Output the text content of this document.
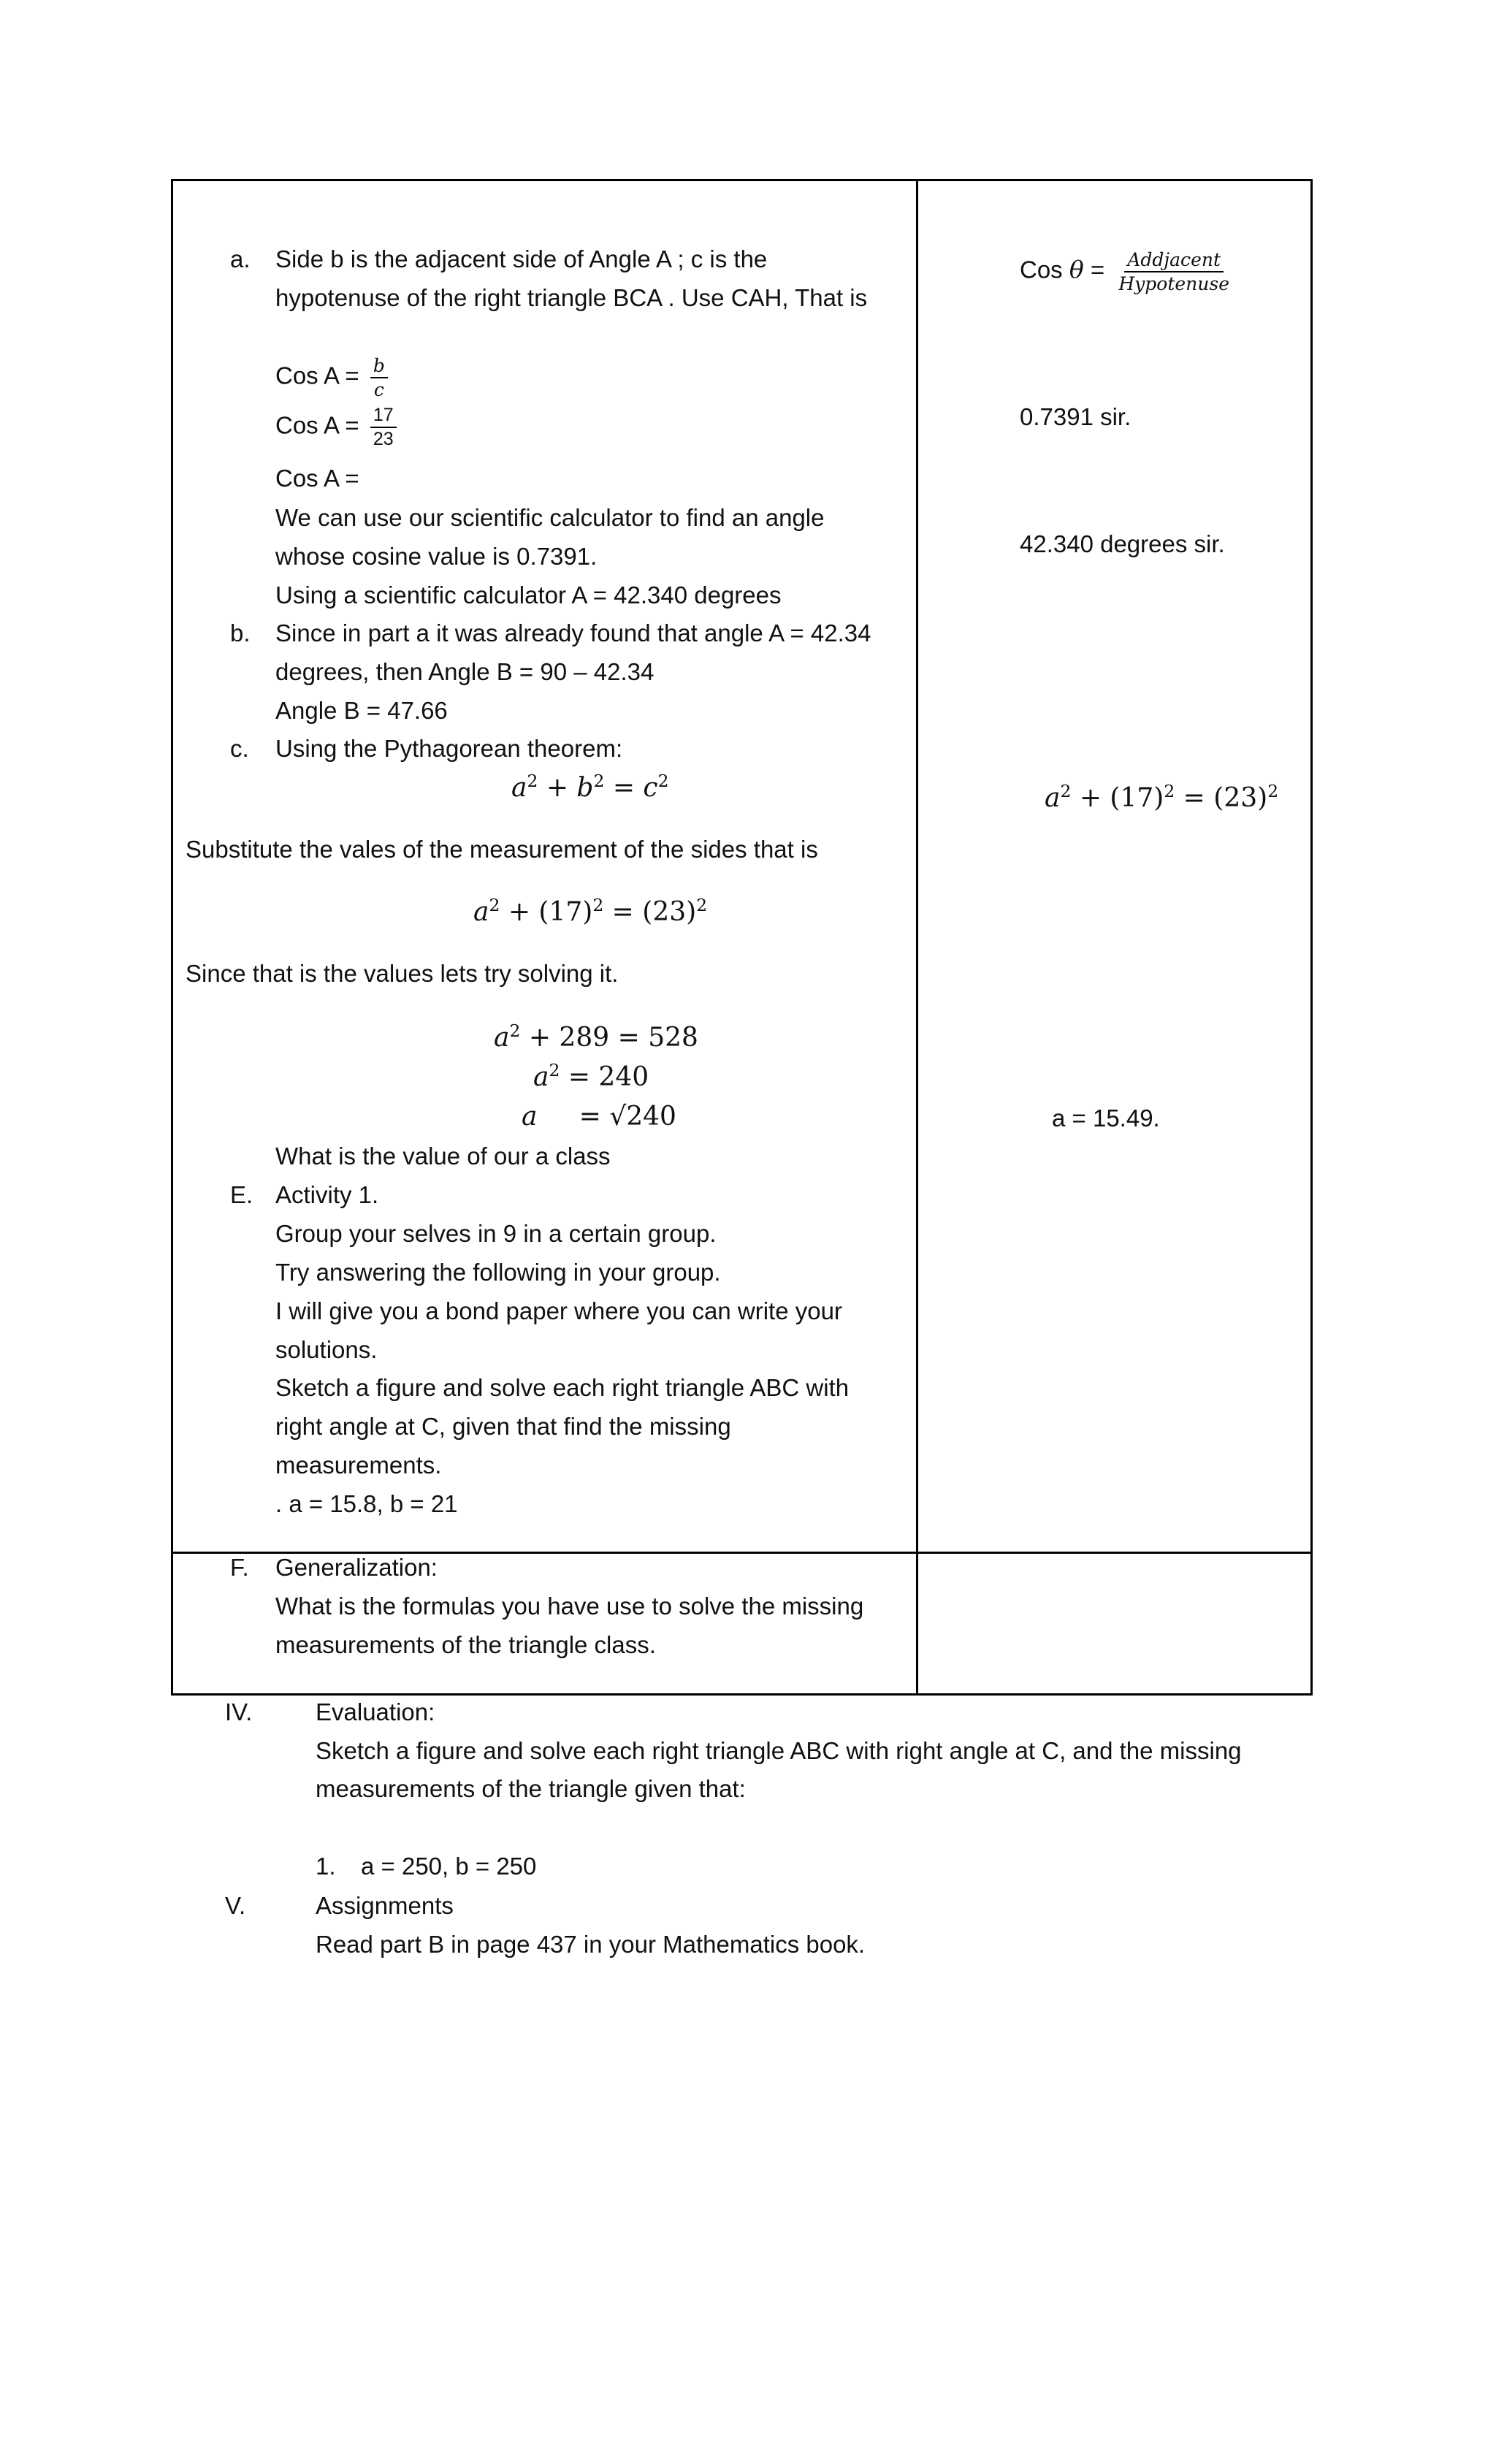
a. Side b is the adjacent side of Angle A ; c is the
hypotenuse of the right triangle BCA . Use CAH, That is
Cos $A = \frac{b}{c}$
Cos $A = \frac{17}{23}$
Cos A =
We can use our scientific calculator to find an angle
whose cosine value is 0.7391.
Using a scientific calculator A = 42.340 degrees
b. Since in part a it was already found that angle A = 42.34
degrees, then Angle B = 90 – 42.34
Angle B = 47.66
c. Using the Pythagorean theorem:
$a^2 + b^2 = c^2$
Substitute the vales of the measurement of the sides that is
$a^2 + (17)^2 = (23)^2$
Since that is the values lets try solving it.
$a^2 + 289 = 528$
$a^2 = 240$
a     = √240
What is the value of our a class
E. Activity 1.
Group your selves in 9 in a certain group.
Try answering the following in your group.
I will give you a bond paper where you can write your
solutions.
Sketch a figure and solve each right triangle ABC with
right angle at C, given that find the missing
measurements.
. a = 15.8, b = 21
F. Generalization:
What is the formulas you have use to solve the missing
measurements of the triangle class.
Cos $\theta = \frac{\text{Addjacent}}{\text{Hypotenuse}}$
0.7391 sir.
42.340 degrees sir.
$a^2 + (17)^2 = (23)^2$
a = 15.49.
IV.	Evaluation:
Sketch a figure and solve each right triangle ABC with right angle at C, and the missing
measurements of the triangle given that:
1. a = 250, b = 250
V.	Assignments
Read part B in page 437 in your Mathematics book.
